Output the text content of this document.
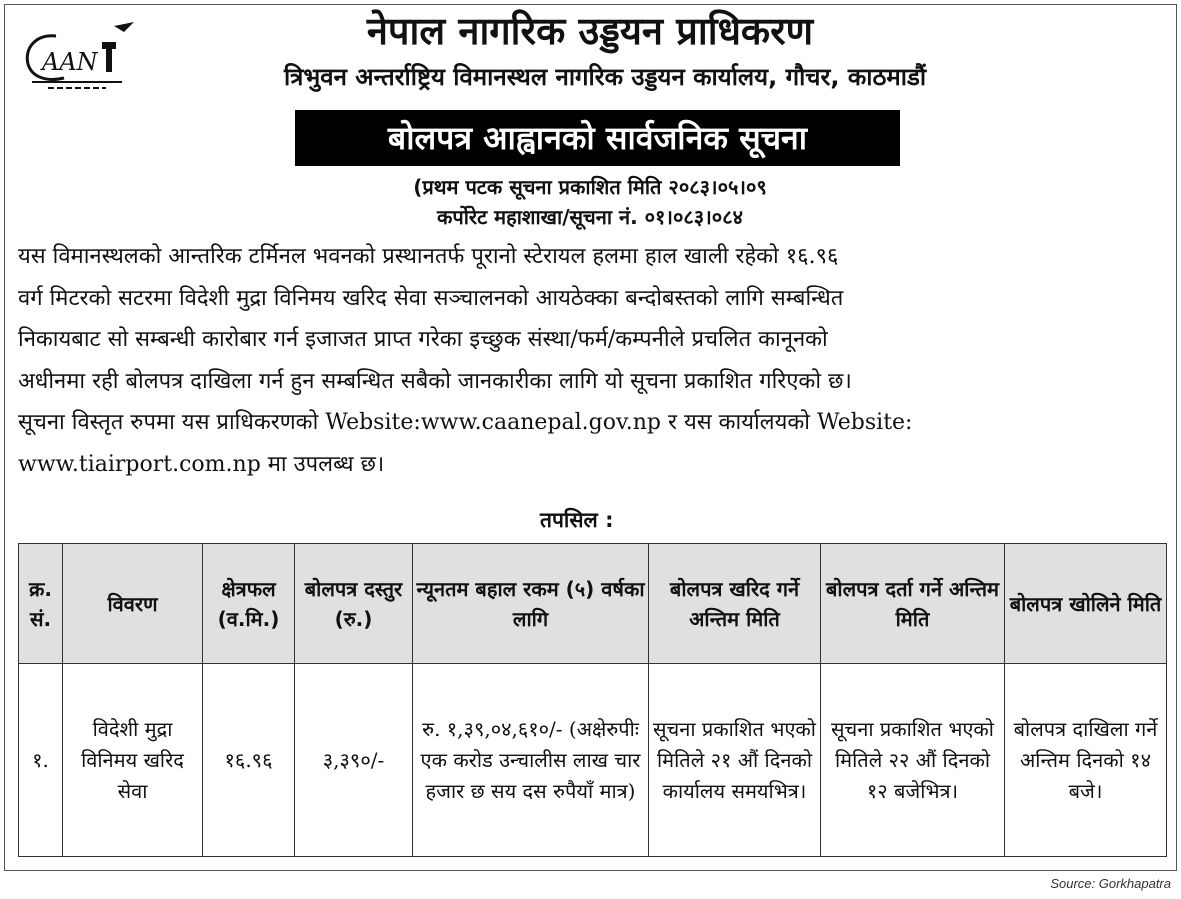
AAN
नेपाल नागरिक उड्डयन प्राधिकरण
त्रिभुवन अन्तर्राष्ट्रिय विमानस्थल नागरिक उड्डयन कार्यालय, गौचर, काठमाडौं
बोलपत्र आह्वानको सार्वजनिक सूचना
(प्रथम पटक सूचना प्रकाशित मिति २०८३।०५।०९
कर्पोरेट महाशाखा/सूचना नं. ०१।०८३।०८४
यस विमानस्थलको आन्तरिक टर्मिनल भवनको प्रस्थानतर्फ पूरानो स्टेरायल हलमा हाल खाली रहेको १६.९६
वर्ग मिटरको सटरमा विदेशी मुद्रा विनिमय खरिद सेवा सञ्चालनको आयठेक्का बन्दोबस्तको लागि सम्बन्धित
निकायबाट सो सम्बन्धी कारोबार गर्न इजाजत प्राप्त गरेका इच्छुक संस्था/फर्म/कम्पनीले प्रचलित कानूनको
अधीनमा रही बोलपत्र दाखिला गर्न हुन सम्बन्धित सबैको जानकारीका लागि यो सूचना प्रकाशित गरिएको छ।
सूचना विस्तृत रुपमा यस प्राधिकरणको Website:www.caanepal.gov.np र यस कार्यालयको Website:
www.tiairport.com.np मा उपलब्ध छ।
तपसिल :
क्र. सं.	विवरण	क्षेत्रफल (व.मि.)	बोलपत्र दस्तुर (रु.)	न्यूनतम बहाल रकम (५) वर्षका लागि	बोलपत्र खरिद गर्ने अन्तिम मिति	बोलपत्र दर्ता गर्ने अन्तिम मिति	बोलपत्र खोलिने मिति
१.	विदेशी मुद्रा विनिमय खरिद सेवा	१६.९६	३,३९०/-	रु. १,३९,०४,६१०/- (अक्षेरुपीः एक करोड उन्चालीस लाख चार हजार छ सय दस रुपैयाँ मात्र)	सूचना प्रकाशित भएको मितिले २१ औं दिनको कार्यालय समयभित्र।	सूचना प्रकाशित भएको मितिले २२ औं दिनको १२ बजेभित्र।	बोलपत्र दाखिला गर्ने अन्तिम दिनको १४ बजे।
Source: Gorkhapatra
